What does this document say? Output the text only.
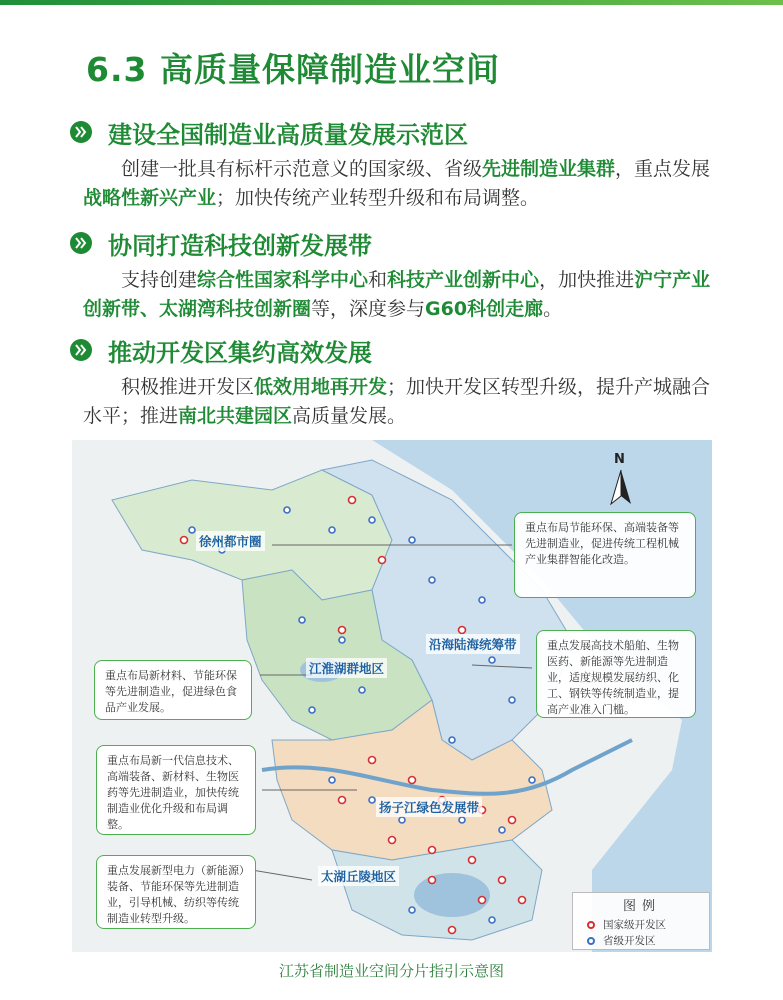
6.3 高质量保障制造业空间
建设全国制造业高质量发展示范区
创建一批具有标杆示范意义的国家级、省级先进制造业集群，重点发展战略性新兴产业；加快传统产业转型升级和布局调整。
协同打造科技创新发展带
支持创建综合性国家科学中心和科技产业创新中心，加快推进沪宁产业创新带、太湖湾科技创新圈等，深度参与G60科创走廊。
推动开发区集约高效发展
积极推进开发区低效用地再开发；加快开发区转型升级，提升产城融合水平；推进南北共建园区高质量发展。
N
徐州都市圈
江淮湖群地区
沿海陆海统筹带
扬子江绿色发展带
太湖丘陵地区
重点布局节能环保、高端装备等先进制造业，促进传统工程机械产业集群智能化改造。
重点发展高技术船舶、生物医药、新能源等先进制造业，适度规模发展纺织、化工、钢铁等传统制造业，提高产业准入门槛。
重点布局新材料、节能环保等先进制造业，促进绿色食品产业发展。
重点布局新一代信息技术、高端装备、新材料、生物医药等先进制造业，加快传统制造业优化升级和布局调整。
重点发展新型电力（新能源）装备、节能环保等先进制造业，引导机械、纺织等传统制造业转型升级。
图例
国家级开发区
省级开发区
江苏省制造业空间分片指引示意图
